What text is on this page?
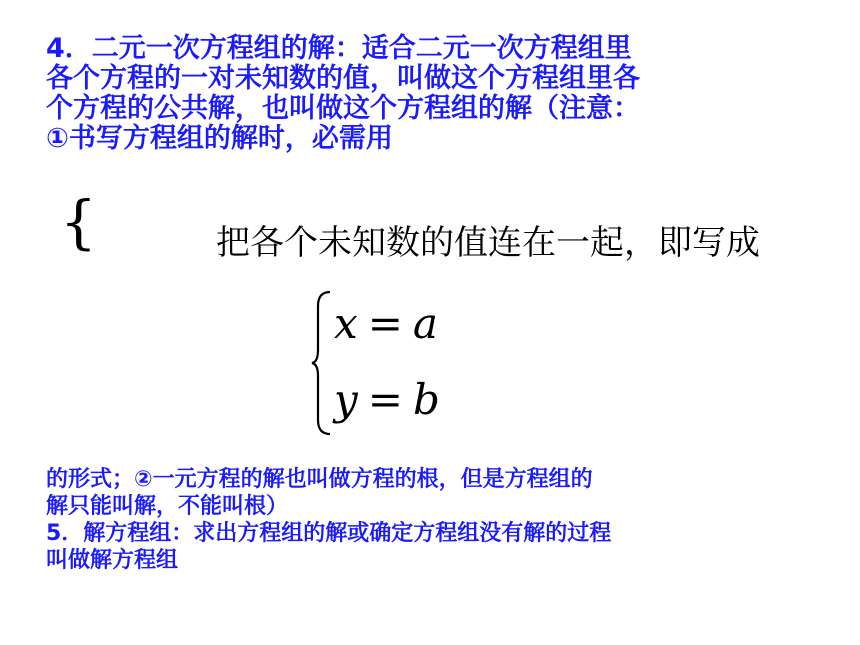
4．二元一次方程组的解：适合二元一次方程组里
各个方程的一对未知数的值，叫做这个方程组里各
个方程的公共解，也叫做这个方程组的解（注意：
①书写方程组的解时，必需用
{	把各个未知数的值连在一起，即写成
x = a
y = b
的形式；②一元方程的解也叫做方程的根，但是方程组的
解只能叫解，不能叫根）
5．解方程组：求出方程组的解或确定方程组没有解的过程
叫做解方程组
